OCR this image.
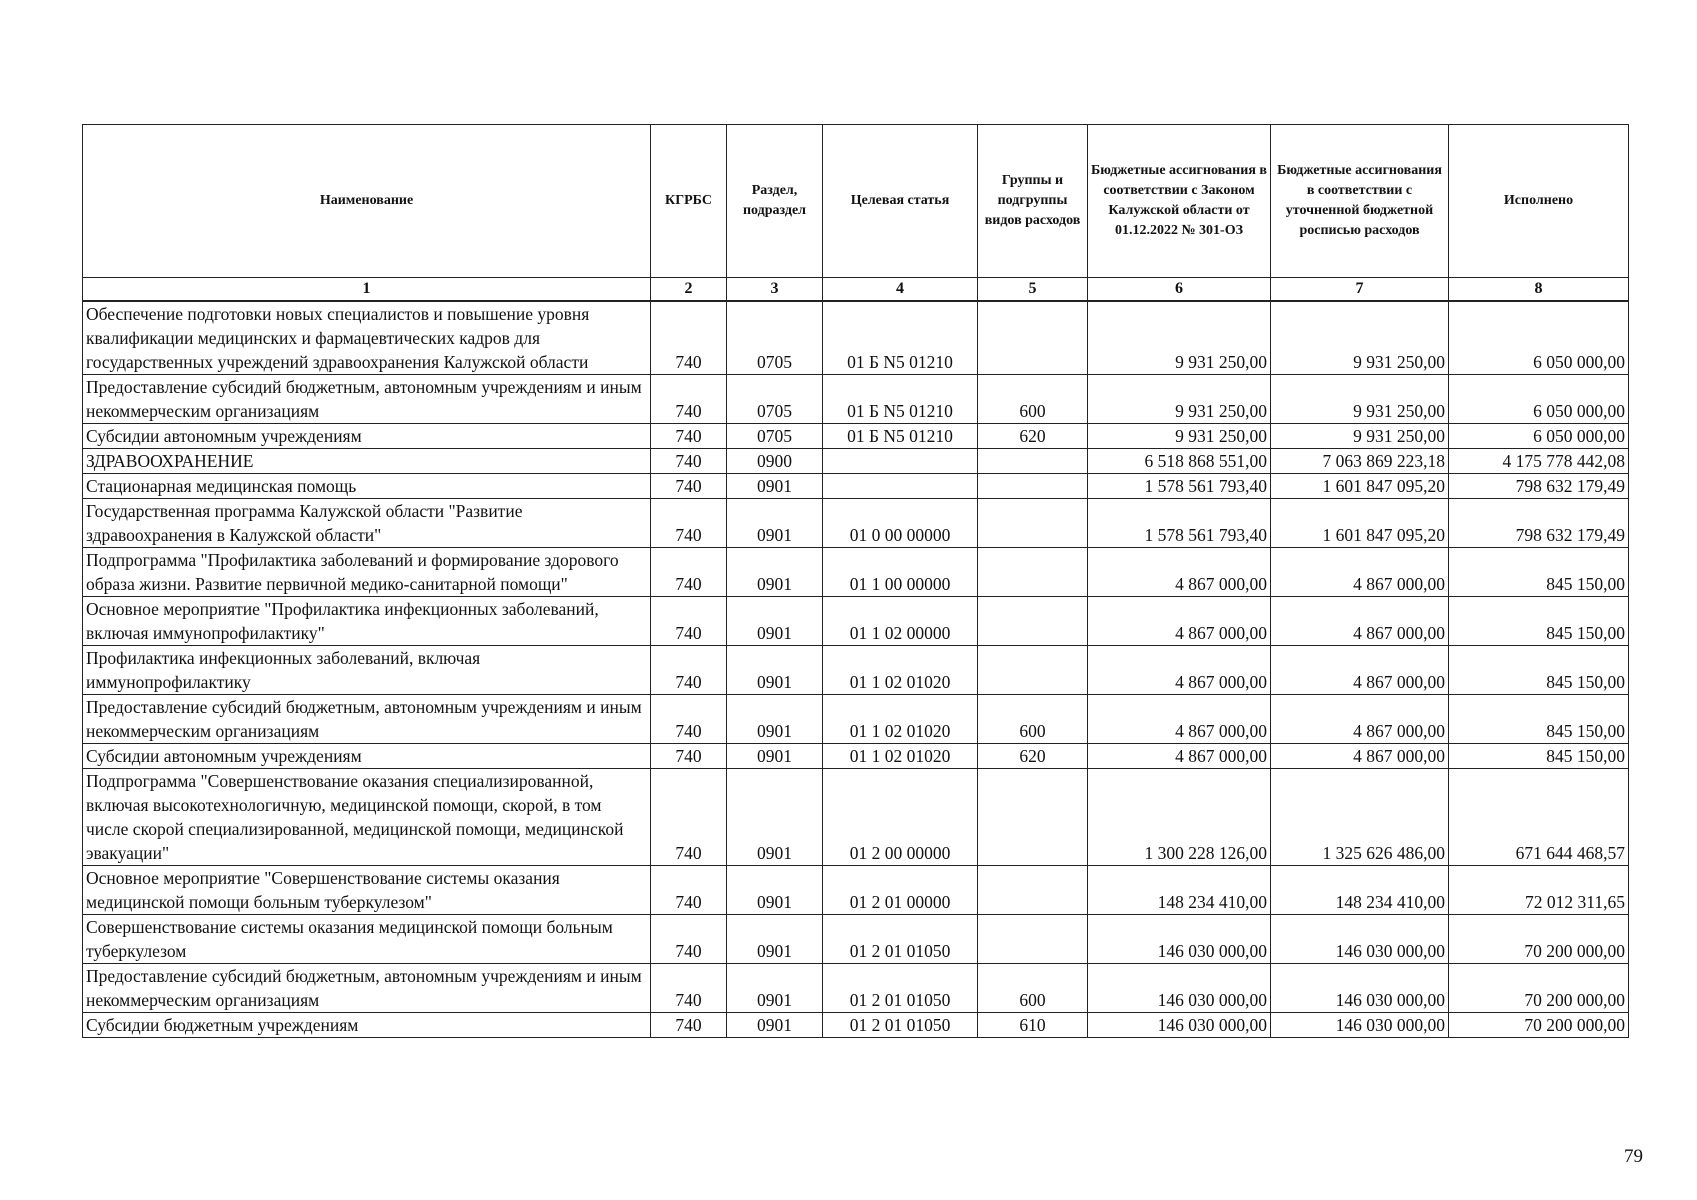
Наименование	КГРБС	Раздел, подраздел	Целевая статья	Группы и подгруппы видов расходов	Бюджетные ассигнования в соответствии с Законом Калужской области от 01.12.2022 № 301-ОЗ	Бюджетные ассигнования в соответствии с уточненной бюджетной росписью расходов	Исполнено
1	2	3	4	5	6	7	8
Обеспечение подготовки новых специалистов и повышение уровня квалификации медицинских и фармацевтических кадров для государственных учреждений здравоохранения Калужской области	740	0705	01 Б N5 01210		9 931 250,00	9 931 250,00	6 050 000,00
Предоставление субсидий бюджетным, автономным учреждениям и иным некоммерческим организациям	740	0705	01 Б N5 01210	600	9 931 250,00	9 931 250,00	6 050 000,00
Субсидии автономным учреждениям	740	0705	01 Б N5 01210	620	9 931 250,00	9 931 250,00	6 050 000,00
ЗДРАВООХРАНЕНИЕ	740	0900			6 518 868 551,00	7 063 869 223,18	4 175 778 442,08
Стационарная медицинская помощь	740	0901			1 578 561 793,40	1 601 847 095,20	798 632 179,49
Государственная программа Калужской области "Развитие здравоохранения в Калужской области"	740	0901	01 0 00 00000		1 578 561 793,40	1 601 847 095,20	798 632 179,49
Подпрограмма "Профилактика заболеваний и формирование здорового образа жизни. Развитие первичной медико-санитарной помощи"	740	0901	01 1 00 00000		4 867 000,00	4 867 000,00	845 150,00
Основное мероприятие "Профилактика инфекционных заболеваний, включая иммунопрофилактику"	740	0901	01 1 02 00000		4 867 000,00	4 867 000,00	845 150,00
Профилактика инфекционных заболеваний, включая иммунопрофилактику	740	0901	01 1 02 01020		4 867 000,00	4 867 000,00	845 150,00
Предоставление субсидий бюджетным, автономным учреждениям и иным некоммерческим организациям	740	0901	01 1 02 01020	600	4 867 000,00	4 867 000,00	845 150,00
Субсидии автономным учреждениям	740	0901	01 1 02 01020	620	4 867 000,00	4 867 000,00	845 150,00
Подпрограмма "Совершенствование оказания специализированной, включая высокотехнологичную, медицинской помощи, скорой, в том числе скорой специализированной, медицинской помощи, медицинской эвакуации"	740	0901	01 2 00 00000		1 300 228 126,00	1 325 626 486,00	671 644 468,57
Основное мероприятие "Совершенствование системы оказания медицинской помощи больным туберкулезом"	740	0901	01 2 01 00000		148 234 410,00	148 234 410,00	72 012 311,65
Совершенствование системы оказания медицинской помощи больным туберкулезом	740	0901	01 2 01 01050		146 030 000,00	146 030 000,00	70 200 000,00
Предоставление субсидий бюджетным, автономным учреждениям и иным некоммерческим организациям	740	0901	01 2 01 01050	600	146 030 000,00	146 030 000,00	70 200 000,00
Субсидии бюджетным учреждениям	740	0901	01 2 01 01050	610	146 030 000,00	146 030 000,00	70 200 000,00
79
